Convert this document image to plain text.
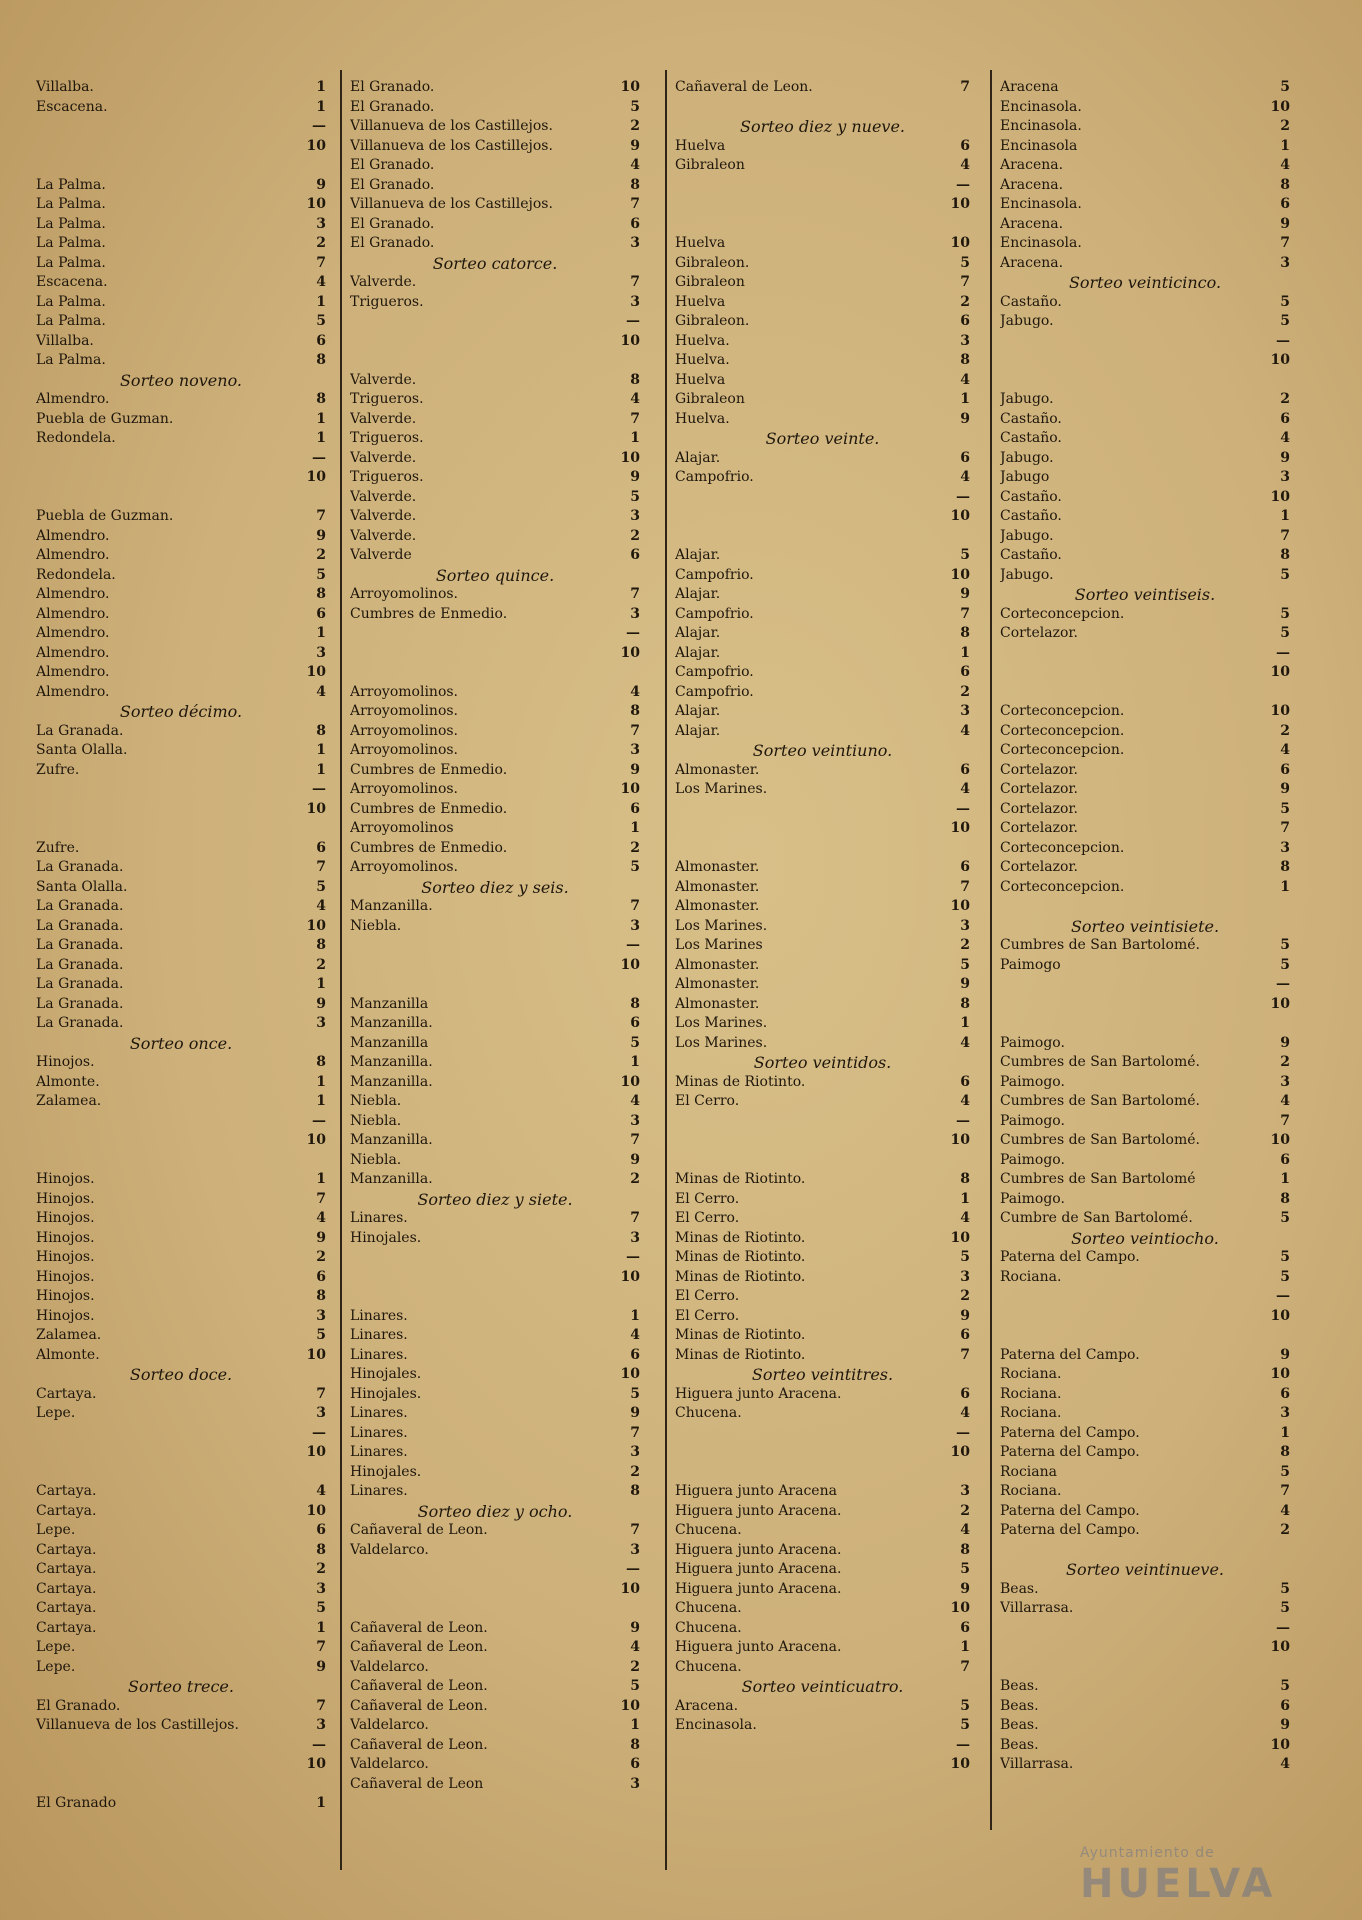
Villalba.	1
Escacena.	1
—
10
La Palma.	9
La Palma.	10
La Palma.	3
La Palma.	2
La Palma.	7
Escacena.	4
La Palma.	1
La Palma.	5
Villalba.	6
La Palma.	8
Sorteo noveno.
Almendro.	8
Puebla de Guzman.	1
Redondela.	1
—
10
Puebla de Guzman.	7
Almendro.	9
Almendro.	2
Redondela.	5
Almendro.	8
Almendro.	6
Almendro.	1
Almendro.	3
Almendro.	10
Almendro.	4
Sorteo décimo.
La Granada.	8
Santa Olalla.	1
Zufre.	1
—
10
Zufre.	6
La Granada.	7
Santa Olalla.	5
La Granada.	4
La Granada.	10
La Granada.	8
La Granada.	2
La Granada.	1
La Granada.	9
La Granada.	3
Sorteo once.
Hinojos.	8
Almonte.	1
Zalamea.	1
—
10
Hinojos.	1
Hinojos.	7
Hinojos.	4
Hinojos.	9
Hinojos.	2
Hinojos.	6
Hinojos.	8
Hinojos.	3
Zalamea.	5
Almonte.	10
Sorteo doce.
Cartaya.	7
Lepe.	3
—
10
Cartaya.	4
Cartaya.	10
Lepe.	6
Cartaya.	8
Cartaya.	2
Cartaya.	3
Cartaya.	5
Cartaya.	1
Lepe.	7
Lepe.	9
Sorteo trece.
El Granado.	7
Villanueva de los Castillejos.	3
—
10
El Granado	1
El Granado.	10
El Granado.	5
Villanueva de los Castillejos.	2
Villanueva de los Castillejos.	9
El Granado.	4
El Granado.	8
Villanueva de los Castillejos.	7
El Granado.	6
El Granado.	3
Sorteo catorce.
Valverde.	7
Trigueros.	3
—
10
Valverde.	8
Trigueros.	4
Valverde.	7
Trigueros.	1
Valverde.	10
Trigueros.	9
Valverde.	5
Valverde.	3
Valverde.	2
Valverde	6
Sorteo quince.
Arroyomolinos.	7
Cumbres de Enmedio.	3
—
10
Arroyomolinos.	4
Arroyomolinos.	8
Arroyomolinos.	7
Arroyomolinos.	3
Cumbres de Enmedio.	9
Arroyomolinos.	10
Cumbres de Enmedio.	6
Arroyomolinos	1
Cumbres de Enmedio.	2
Arroyomolinos.	5
Sorteo diez y seis.
Manzanilla.	7
Niebla.	3
—
10
Manzanilla	8
Manzanilla.	6
Manzanilla	5
Manzanilla.	1
Manzanilla.	10
Niebla.	4
Niebla.	3
Manzanilla.	7
Niebla.	9
Manzanilla.	2
Sorteo diez y siete.
Linares.	7
Hinojales.	3
—
10
Linares.	1
Linares.	4
Linares.	6
Hinojales.	10
Hinojales.	5
Linares.	9
Linares.	7
Linares.	3
Hinojales.	2
Linares.	8
Sorteo diez y ocho.
Cañaveral de Leon.	7
Valdelarco.	3
—
10
Cañaveral de Leon.	9
Cañaveral de Leon.	4
Valdelarco.	2
Cañaveral de Leon.	5
Cañaveral de Leon.	10
Valdelarco.	1
Cañaveral de Leon.	8
Valdelarco.	6
Cañaveral de Leon	3
Cañaveral de Leon.	7
Sorteo diez y nueve.
Huelva	6
Gibraleon	4
—
10
Huelva	10
Gibraleon.	5
Gibraleon	7
Huelva	2
Gibraleon.	6
Huelva.	3
Huelva.	8
Huelva	4
Gibraleon	1
Huelva.	9
Sorteo veinte.
Alajar.	6
Campofrio.	4
—
10
Alajar.	5
Campofrio.	10
Alajar.	9
Campofrio.	7
Alajar.	8
Alajar.	1
Campofrio.	6
Campofrio.	2
Alajar.	3
Alajar.	4
Sorteo veintiuno.
Almonaster.	6
Los Marines.	4
—
10
Almonaster.	6
Almonaster.	7
Almonaster.	10
Los Marines.	3
Los Marines	2
Almonaster.	5
Almonaster.	9
Almonaster.	8
Los Marines.	1
Los Marines.	4
Sorteo veintidos.
Minas de Riotinto.	6
El Cerro.	4
—
10
Minas de Riotinto.	8
El Cerro.	1
El Cerro.	4
Minas de Riotinto.	10
Minas de Riotinto.	5
Minas de Riotinto.	3
El Cerro.	2
El Cerro.	9
Minas de Riotinto.	6
Minas de Riotinto.	7
Sorteo veintitres.
Higuera junto Aracena.	6
Chucena.	4
—
10
Higuera junto Aracena	3
Higuera junto Aracena.	2
Chucena.	4
Higuera junto Aracena.	8
Higuera junto Aracena.	5
Higuera junto Aracena.	9
Chucena.	10
Chucena.	6
Higuera junto Aracena.	1
Chucena.	7
Sorteo veinticuatro.
Aracena.	5
Encinasola.	5
—
10
Aracena	5
Encinasola.	10
Encinasola.	2
Encinasola	1
Aracena.	4
Aracena.	8
Encinasola.	6
Aracena.	9
Encinasola.	7
Aracena.	3
Sorteo veinticinco.
Castaño.	5
Jabugo.	5
—
10
Jabugo.	2
Castaño.	6
Castaño.	4
Jabugo.	9
Jabugo	3
Castaño.	10
Castaño.	1
Jabugo.	7
Castaño.	8
Jabugo.	5
Sorteo veintiseis.
Corteconcepcion.	5
Cortelazor.	5
—
10
Corteconcepcion.	10
Corteconcepcion.	2
Corteconcepcion.	4
Cortelazor.	6
Cortelazor.	9
Cortelazor.	5
Cortelazor.	7
Corteconcepcion.	3
Cortelazor.	8
Corteconcepcion.	1
Sorteo veintisiete.
Cumbres de San Bartolomé.	5
Paimogo	5
—
10
Paimogo.	9
Cumbres de San Bartolomé.	2
Paimogo.	3
Cumbres de San Bartolomé.	4
Paimogo.	7
Cumbres de San Bartolomé.	10
Paimogo.	6
Cumbres de San Bartolomé	1
Paimogo.	8
Cumbre de San Bartolomé.	5
Sorteo veintiocho.
Paterna del Campo.	5
Rociana.	5
—
10
Paterna del Campo.	9
Rociana.	10
Rociana.	6
Rociana.	3
Paterna del Campo.	1
Paterna del Campo.	8
Rociana	5
Rociana.	7
Paterna del Campo.	4
Paterna del Campo.	2
Sorteo veintinueve.
Beas.	5
Villarrasa.	5
—
10
Beas.	5
Beas.	6
Beas.	9
Beas.	10
Villarrasa.	4
Ayuntamiento de
HUELVA
